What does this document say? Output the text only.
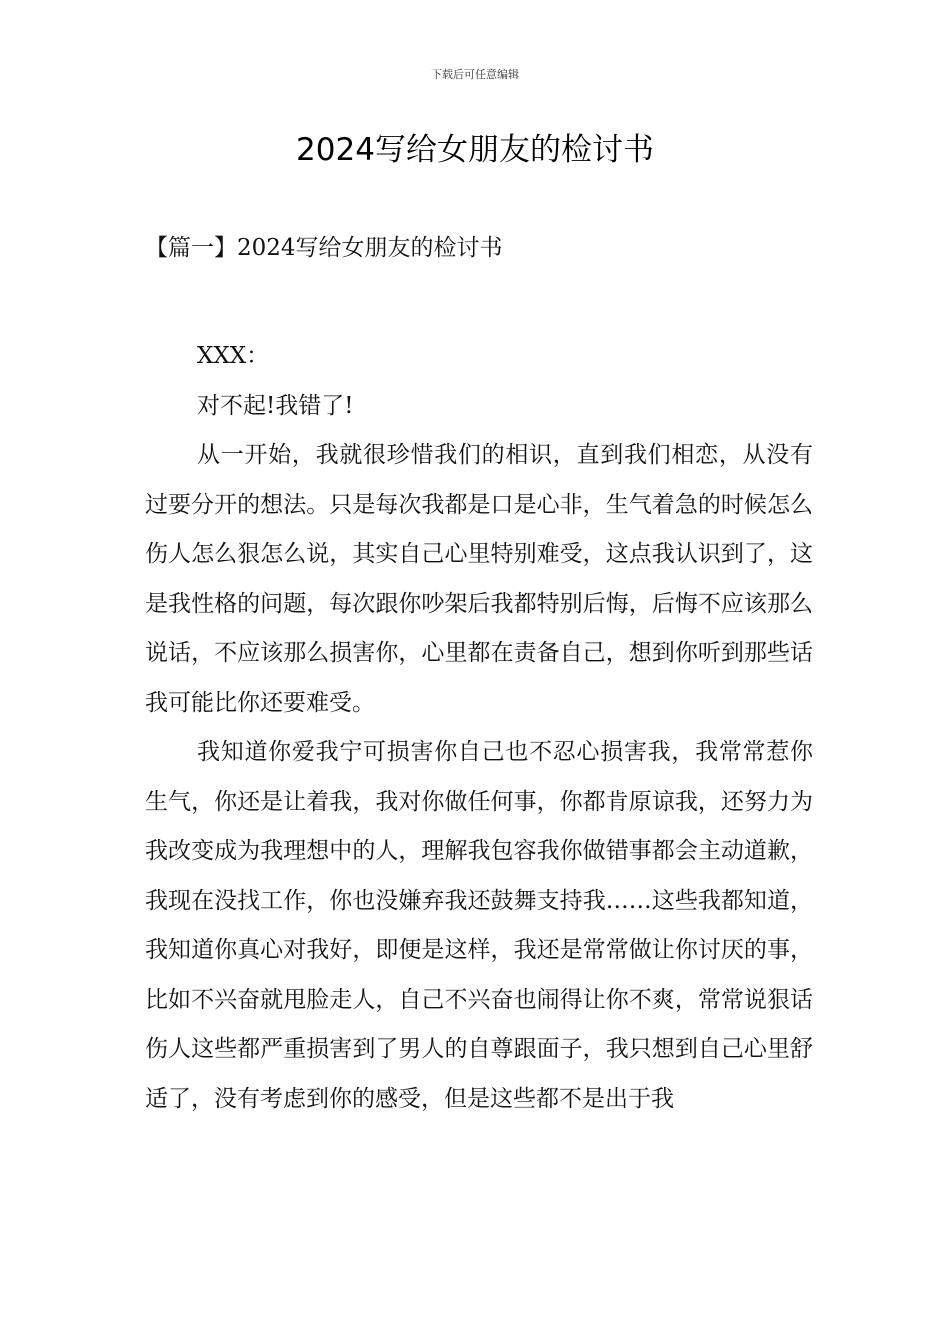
下载后可任意编辑
2024写给女朋友的检讨书
【篇一】2024写给女朋友的检讨书

XXX：

对不起!我错了!

从一开始，我就很珍惜我们的相识，直到我们相恋，从没有过要分开的想法。只是每次我都是口是心非，生气着急的时候怎么伤人怎么狠怎么说，其实自己心里特别难受，这点我认识到了，这是我性格的问题，每次跟你吵架后我都特别后悔，后悔不应该那么说话，不应该那么损害你，心里都在责备自己，想到你听到那些话我可能比你还要难受。

我知道你爱我宁可损害你自己也不忍心损害我，我常常惹你生气，你还是让着我，我对你做任何事，你都肯原谅我，还努力为我改变成为我理想中的人，理解我包容我你做错事都会主动道歉，我现在没找工作，你也没嫌弃我还鼓舞支持我……这些我都知道，我知道你真心对我好，即便是这样，我还是常常做让你讨厌的事，比如不兴奋就甩脸走人，自己不兴奋也闹得让你不爽，常常说狠话伤人这些都严重损害到了男人的自尊跟面子，我只想到自己心里舒适了，没有考虑到你的感受，但是这些都不是出于我
